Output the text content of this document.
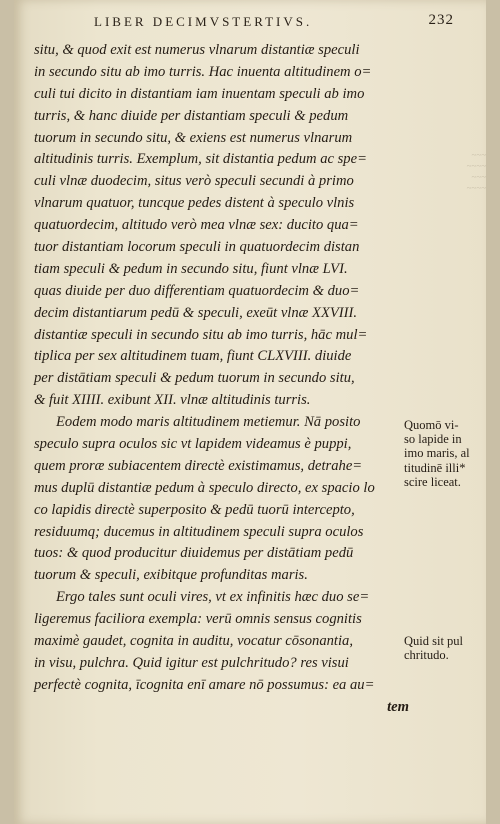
~~~
~~~~
~~~
~~~~
LIBER DECIMVSTERTIVS.	232
situ, & quod exit est numerus vlnarum distantiæ speculi
in secundo situ ab imo turris. Hac inuenta altitudinem o=
culi tui dicito in distantiam iam inuentam speculi ab imo
turris, & hanc diuide per distantiam speculi & pedum
tuorum in secundo situ, & exiens est numerus vlnarum
altitudinis turris. Exemplum, sit distantia pedum ac spe=
culi vlnæ duodecim, situs verò speculi secundi à primo
vlnarum quatuor, tuncque pedes distent à speculo vlnis
quatuordecim, altitudo verò mea vlnæ sex: ducito qua=
tuor distantiam locorum speculi in quatuordecim distan
tiam speculi & pedum in secundo situ, fiunt vlnæ LVI.
quas diuide per duo differentiam quatuordecim & duo=
decim distantiarum pedū & speculi, exeūt vlnæ XXVIII.
distantiæ speculi in secundo situ ab imo turris, hāc mul=
tiplica per sex altitudinem tuam, fiunt CLXVIII. diuide
per distātiam speculi & pedum tuorum in secundo situ,
& fuit XIIII. exibunt XII. vlnæ altitudinis turris.
Eodem modo maris altitudinem metiemur. Nā posito
speculo supra oculos sic vt lapidem videamus è puppi,
quem proræ subiacentem directè existimamus, detrahe=
mus duplū distantiæ pedum à speculo directo, ex spacio lo
co lapidis directè superposito & pedū tuorū intercepto,
residuumq; ducemus in altitudinem speculi supra oculos
tuos: & quod producitur diuidemus per distātiam pedū
tuorum & speculi, exibitque profunditas maris.
Ergo tales sunt oculi vires, vt ex infinitis hæc duo se=
ligeremus faciliora exempla: verū omnis sensus cognitis
maximè gaudet, cognita in auditu, vocatur cōsonantia,
in visu, pulchra. Quid igitur est pulchritudo? res visui
perfectè cognita, īcognita enī amare nō possumus: ea au=
tem
Quomō vi-
so lapide in
imo maris, al
titudinē illi*
scire liceat.
Quid sit pul
chritudo.
